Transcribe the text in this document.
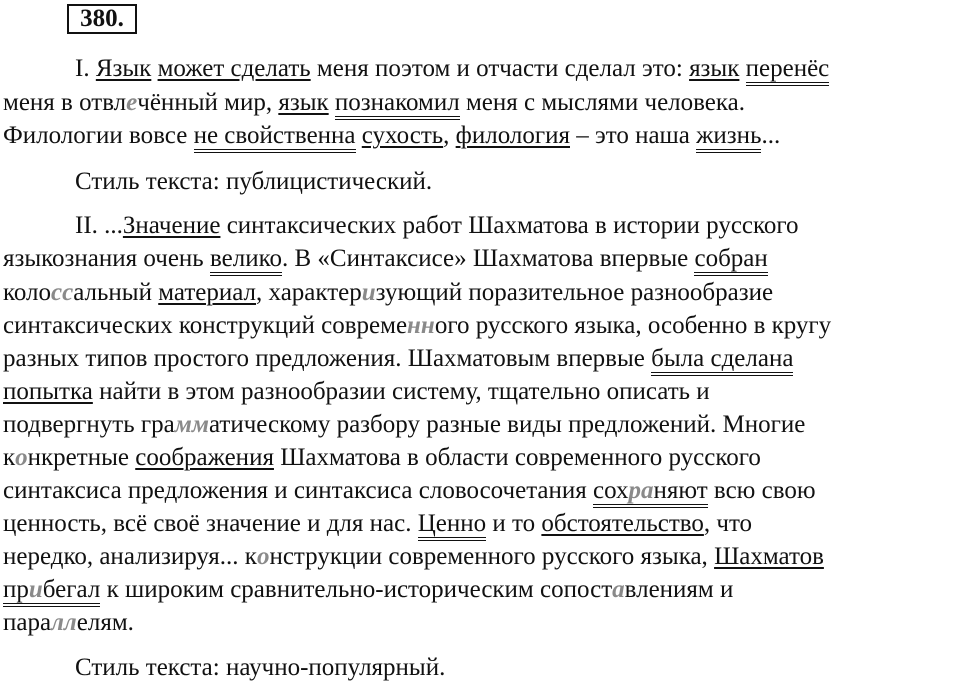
380.
I. Язык может сделать меня поэтом и отчасти сделал это: язык перенёс
меня в отвлечённый мир, язык познакомил меня с мыслями человека.
Филологии вовсе не свойственна сухость, филология – это наша жизнь...
Стиль текста: публицистический.
II. ...Значение синтаксических работ Шахматова в истории русского
языкознания очень велико. В «Синтаксисе» Шахматова впервые собран
колоссальный материал, характеризующий поразительное разнообразие
синтаксических конструкций современного русского языка, особенно в кругу
разных типов простого предложения. Шахматовым впервые была сделана
попытка найти в этом разнообразии систему, тщательно описать и
подвергнуть грамматическому разбору разные виды предложений. Многие
конкретные соображения Шахматова в области современного русского
синтаксиса предложения и синтаксиса словосочетания сохраняют всю свою
ценность, всё своё значение и для нас. Ценно и то обстоятельство, что
нередко, анализируя... конструкции современного русского языка, Шахматов
прибегал к широким сравнительно-историческим сопоставлениям и
параллелям.
Стиль текста: научно-популярный.
